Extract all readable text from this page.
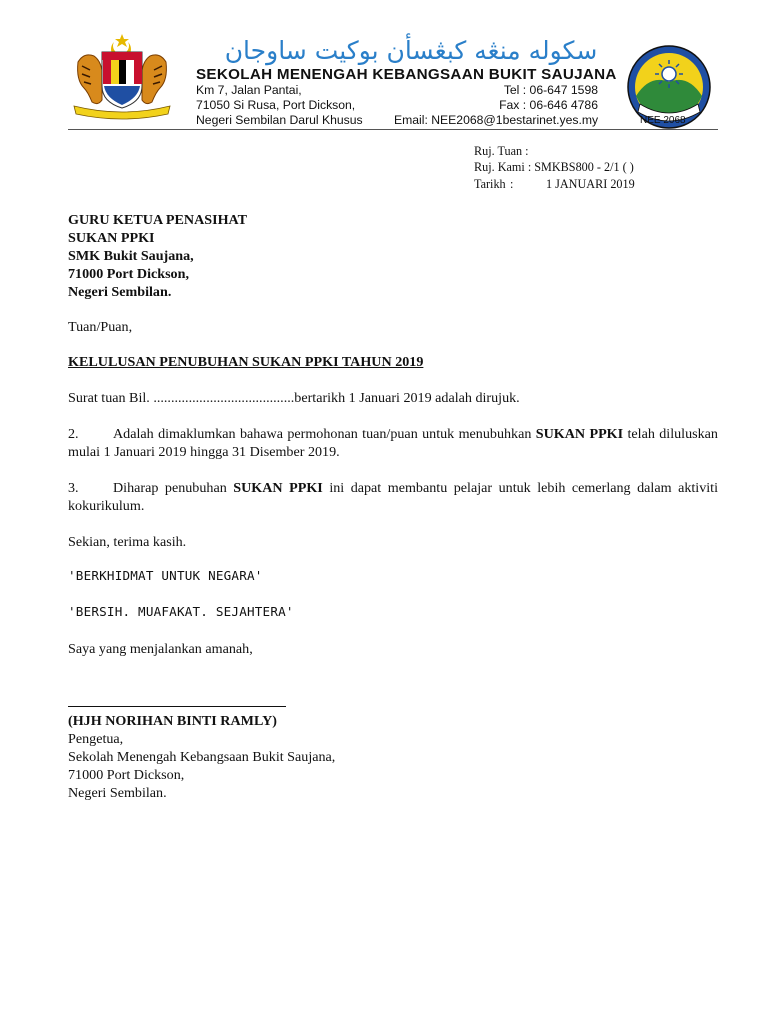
سکوله منڠه کبڠسأن بوکيت ساوجان
SEKOLAH MENENGAH KEBANGSAAN BUKIT SAUJANA
Km 7, Jalan Pantai,
71050 Si Rusa, Port Dickson,
Negeri Sembilan Darul Khusus
Tel : 06-647 1598
Fax : 06-646 4786
Email: NEE2068@1bestarinet.yes.my	NEE 2068
Ruj. Tuan :
Ruj. Kami : SMKBS800 - 2/1 ( )
Tarikh :	1 JANUARI 2019
GURU KETUA PENASIHAT
SUKAN PPKI
SMK Bukit Saujana,
71000 Port Dickson,
Negeri Sembilan.
Tuan/Puan,
KELULUSAN PENUBUHAN SUKAN PPKI TAHUN 2019
Surat tuan Bil. ........................................bertarikh 1 Januari 2019 adalah dirujuk.
2. Adalah dimaklumkan bahawa permohonan tuan/puan untuk menubuhkan SUKAN PPKI telah diluluskan mulai 1 Januari 2019 hingga 31 Disember 2019.
3. Diharap penubuhan SUKAN PPKI ini dapat membantu pelajar untuk lebih cemerlang dalam aktiviti kokurikulum.
Sekian, terima kasih.
'BERKHIDMAT UNTUK NEGARA'
'BERSIH. MUAFAKAT. SEJAHTERA'
Saya yang menjalankan amanah,
(HJH NORIHAN BINTI RAMLY)
Pengetua,
Sekolah Menengah Kebangsaan Bukit Saujana,
71000 Port Dickson,
Negeri Sembilan.
